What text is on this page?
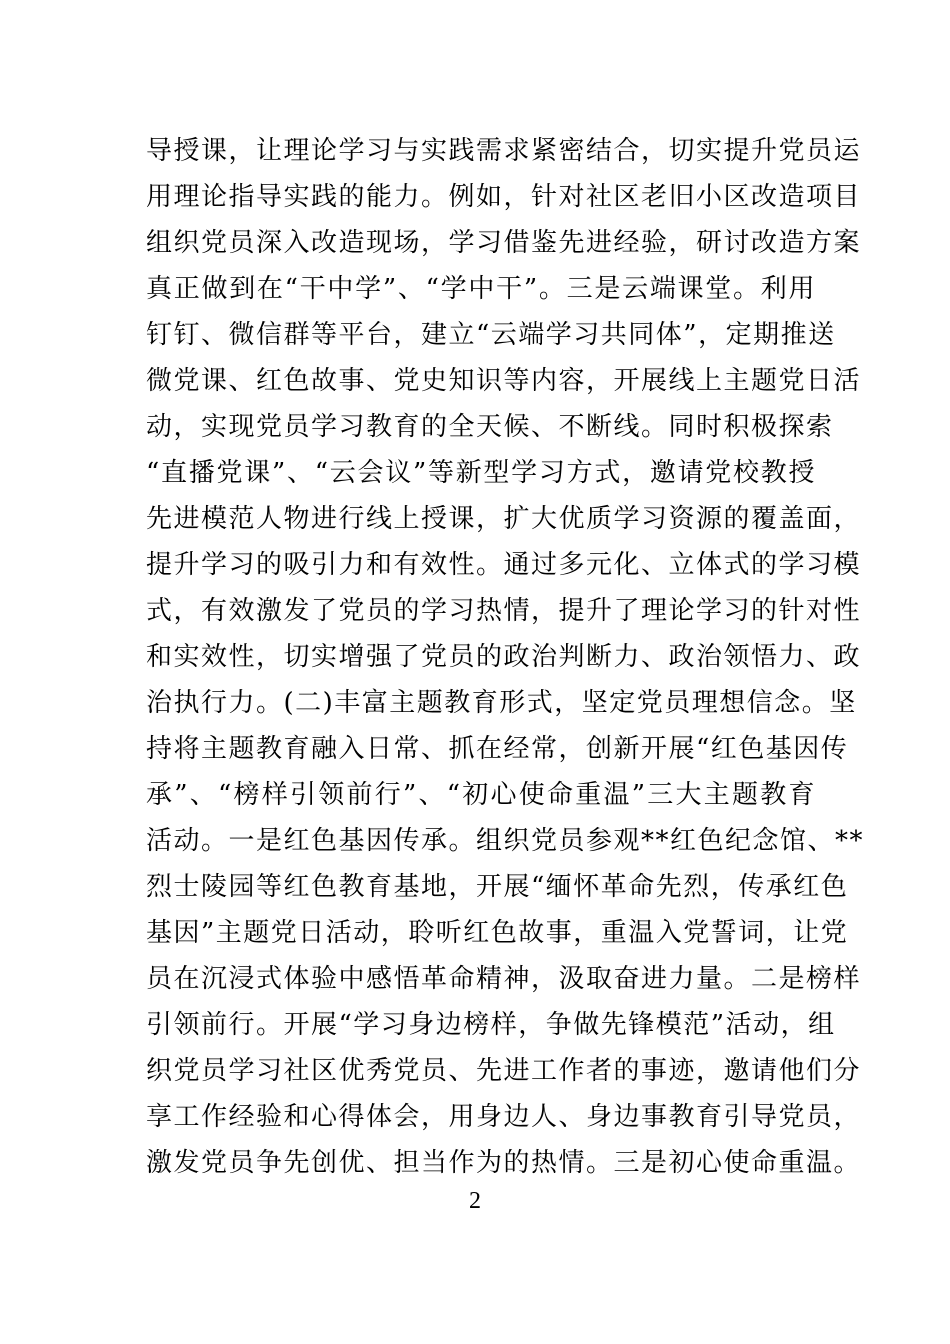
导授课，让理论学习与实践需求紧密结合，切实提升党员运
用理论指导实践的能力。例如，针对社区老旧小区改造项目
组织党员深入改造现场，学习借鉴先进经验，研讨改造方案
真正做到在“干中学”、“学中干”。三是云端课堂。利用
钉钉、微信群等平台，建立“云端学习共同体”，定期推送
微党课、红色故事、党史知识等内容，开展线上主题党日活
动，实现党员学习教育的全天候、不断线。同时积极探索
“直播党课”、“云会议”等新型学习方式，邀请党校教授
先进模范人物进行线上授课，扩大优质学习资源的覆盖面，
提升学习的吸引力和有效性。通过多元化、立体式的学习模
式，有效激发了党员的学习热情，提升了理论学习的针对性
和实效性，切实增强了党员的政治判断力、政治领悟力、政
治执行力。(二)丰富主题教育形式，坚定党员理想信念。坚
持将主题教育融入日常、抓在经常，创新开展“红色基因传
承”、“榜样引领前行”、“初心使命重温”三大主题教育
活动。一是红色基因传承。组织党员参观**红色纪念馆、**
烈士陵园等红色教育基地，开展“缅怀革命先烈，传承红色
基因”主题党日活动，聆听红色故事，重温入党誓词，让党
员在沉浸式体验中感悟革命精神，汲取奋进力量。二是榜样
引领前行。开展“学习身边榜样，争做先锋模范”活动，组
织党员学习社区优秀党员、先进工作者的事迹，邀请他们分
享工作经验和心得体会，用身边人、身边事教育引导党员，
激发党员争先创优、担当作为的热情。三是初心使命重温。
2
